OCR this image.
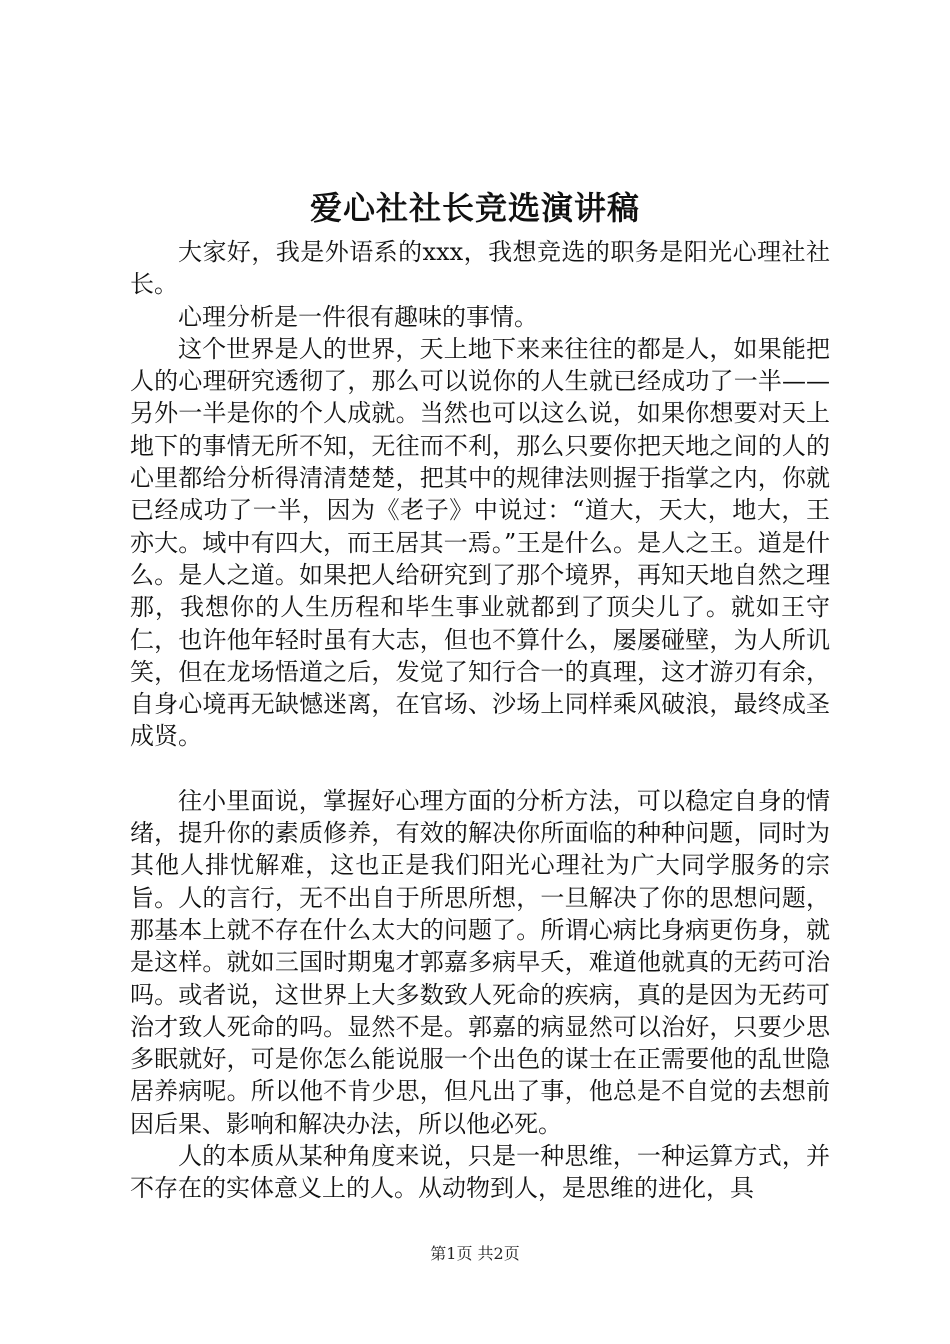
爱心社社长竞选演讲稿

大家好，我是外语系的xxx，我想竞选的职务是阳光心理社社长。

心理分析是一件很有趣味的事情。

这个世界是人的世界，天上地下来来往往的都是人，如果能把人的心理研究透彻了，那么可以说你的人生就已经成功了一半——另外一半是你的个人成就。当然也可以这么说，如果你想要对天上地下的事情无所不知，无往而不利，那么只要你把天地之间的人的心里都给分析得清清楚楚，把其中的规律法则握于指掌之内，你就已经成功了一半，因为《老子》中说过：“道大，天大，地大，王亦大。域中有四大，而王居其一焉。”王是什么。是人之王。道是什么。是人之道。如果把人给研究到了那个境界，再知天地自然之理那，我想你的人生历程和毕生事业就都到了顶尖儿了。就如王守仁，也许他年轻时虽有大志，但也不算什么，屡屡碰壁，为人所讥笑，但在龙场悟道之后，发觉了知行合一的真理，这才游刃有余，自身心境再无缺憾迷离，在官场、沙场上同样乘风破浪，最终成圣成贤。

往小里面说，掌握好心理方面的分析方法，可以稳定自身的情绪，提升你的素质修养，有效的解决你所面临的种种问题，同时为其他人排忧解难，这也正是我们阳光心理社为广大同学服务的宗旨。人的言行，无不出自于所思所想，一旦解决了你的思想问题，那基本上就不存在什么太大的问题了。所谓心病比身病更伤身，就是这样。就如三国时期鬼才郭嘉多病早夭，难道他就真的无药可治吗。或者说，这世界上大多数致人死命的疾病，真的是因为无药可治才致人死命的吗。显然不是。郭嘉的病显然可以治好，只要少思多眠就好，可是你怎么能说服一个出色的谋士在正需要他的乱世隐居养病呢。所以他不肯少思，但凡出了事，他总是不自觉的去想前因后果、影响和解决办法，所以他必死。

人的本质从某种角度来说，只是一种思维，一种运算方式，并不存在的实体意义上的人。从动物到人，是思维的进化，具

第1页 共2页
